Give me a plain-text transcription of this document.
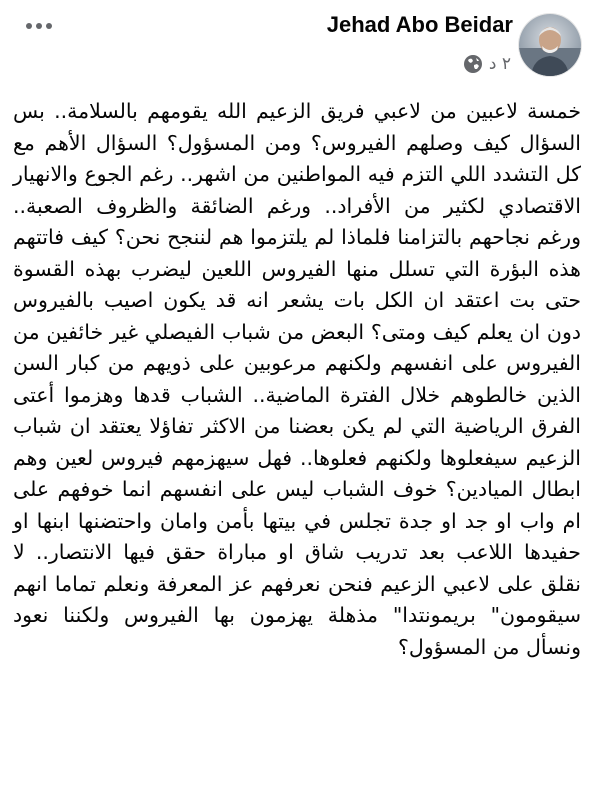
Jehad Abo Beidar
٢ د
خمسة لاعبين من لاعبي فريق الزعيم الله يقومهم بالسلامة.. بس السؤال كيف وصلهم الفيروس؟ ومن المسؤول؟ السؤال الأهم مع كل التشدد اللي التزم فيه المواطنين من اشهر.. رغم الجوع والانهيار الاقتصادي لكثير من الأفراد.. ورغم الضائقة والظروف الصعبة.. ورغم نجاحهم بالتزامنا فلماذا لم يلتزموا هم لننجح نحن؟ كيف فاتتهم هذه البؤرة التي تسلل منها الفيروس اللعين ليضرب بهذه القسوة حتى بت اعتقد ان الكل بات يشعر انه قد يكون اصيب بالفيروس دون ان يعلم كيف ومتى؟ البعض من شباب الفيصلي غير خائفين من الفيروس على انفسهم ولكنهم مرعوبين على ذويهم من كبار السن الذين خالطوهم خلال الفترة الماضية.. الشباب قدها وهزموا أعتى الفرق الرياضية التي لم يكن بعضنا من الاكثر تفاؤلا يعتقد ان شباب الزعيم سيفعلوها ولكنهم فعلوها.. فهل سيهزمهم فيروس لعين وهم ابطال الميادين؟ خوف الشباب ليس على انفسهم انما خوفهم على ام واب او جد او جدة تجلس في بيتها بأمن وامان واحتضنها ابنها او حفيدها اللاعب بعد تدريب شاق او مباراة حقق فيها الانتصار.. لا نقلق على لاعبي الزعيم فنحن نعرفهم عز المعرفة ونعلم تماما انهم سيقومون" بريمونتدا" مذهلة يهزمون بها الفيروس ولكننا نعود ونسأل من المسؤول؟
